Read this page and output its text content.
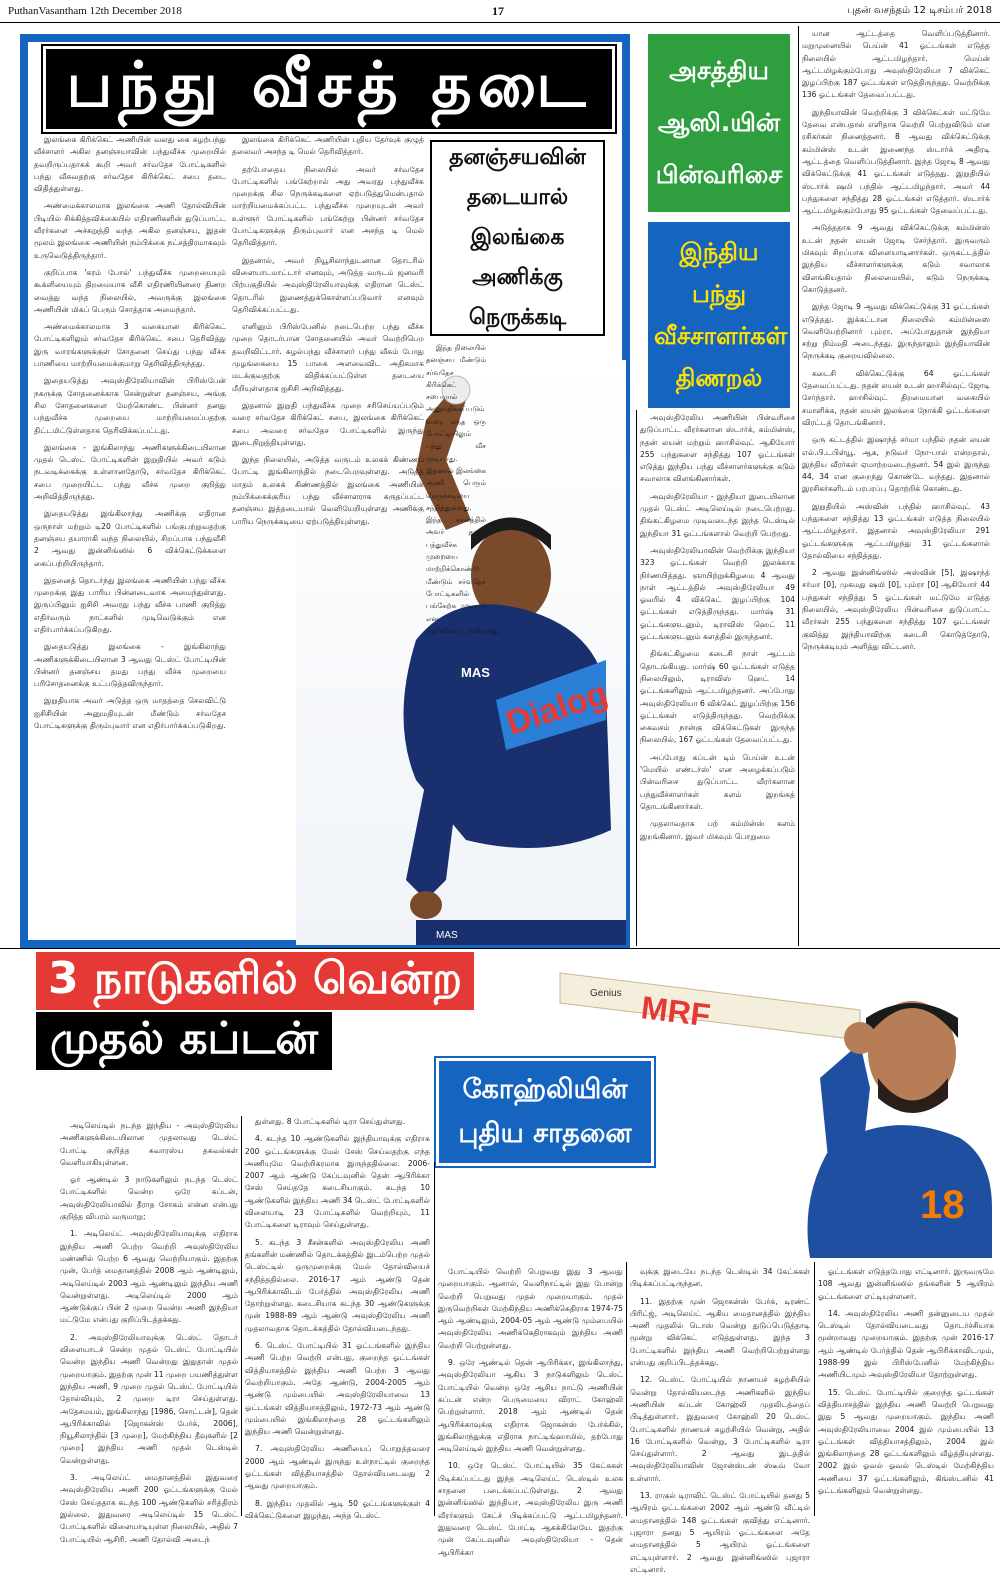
PuthanVasantham 12th December 2018	17	புதன் வசந்தம் 12 டிசம்பர் 2018
பந்து வீசத் தடை
Dialog
MAS
MAS
தனஞ்சயவின் தடையால் இலங்கை அணிக்கு நெருக்கடி

இலங்கை கிரிக்கெட் அணியின் வலது கை சுழற்பந்து வீச்சாளர் அகில தனஞ்சயாவின் பந்துவீச்சு முறையில் தவறிருப்பதாகக் கூறி அவர் சர்வதேச போட்டிகளில் பந்து வீசுவதற்கு சர்வதேச கிரிக்கெட் சபை தடை விதித்துள்ளது.

அண்மைக்காலமாக இலங்கை அணி தோல்வியின் பிடியில் சிக்கித்தவிக்கையில் எதிரணிகளின் துடுப்பாட்ட வீரர்களை அச்சுறுத்தி வந்த அகில தனஞ்சய, இதன் மூலம் இலங்கை அணியின் நம்பிக்கை நட்சத்திரமாகவும் உருவெடுத்திருந்தார்.

குறிப்பாக 'கரம் போல்' பந்துவீச்சு முறையையும் கூக்ளியையும் திறமையாக வீசி எதிரணியினரை திணற வைத்து வந்த நிலையில், அவருக்கு இலங்கை அணியின் மிகப் பெரும் சொத்தாக அமைந்தார்.

அண்மைக்காலமாக 3 வகையான கிரிக்கெட் போட்டிகளிலும் சர்வதேச கிரிக்கெட் சபை தெரிவித்து இரு வாரங்களுக்குள் சோதனை செய்து பந்து வீச்சு பாணியை மாற்றியமைக்குமாறு தெரிவித்திருந்தது.

இதையடுத்து அவுஸ்திரேலியாவின் பிரிஸ்பேன் நகருக்கு சோதனைக்காக சென்றுள்ள தனஞ்சய, அங்கு சில சோதனைகளை மேற்கொண்ட பின்னர் தனது பந்துவீச்சு முறையை மாற்றியமைப்பதற்கு திட்டமிட்டுள்ளதாக தெரிவிக்கப்பட்டது.

இலங்கை - இங்கிலாந்து அணிகளுக்கிடையிலான முதல் டெஸ்ட் போட்டிகளின் இறுதியில் அவர் கடும் நடவடிக்கைக்கு உள்ளானதோடு, சர்வதேச கிரிக்கெட் சபை முறையிட்ட பந்து வீச்சு முறை குறித்து அறிவித்திருந்தது.

இதையடுத்து இங்கிலாந்து அணிக்கு எதிரான ஒருநாள் மற்றும் டி20 போட்டிகளில் பங்குபற்றுவதற்கு தனஞ்சய தயாராகி வந்த நிலையில், சிறப்பாக பந்துவீசி 2 ஆவது இன்னிங்ஸில் 6 விக்கெட்டுக்களை கைப்பற்றியிருந்தார்.

இதனைத் தொடர்ந்து இலங்கை அணியின் பந்து வீச்சு முறைக்கு இது பாரிய பின்னடைவாக அமைந்துள்ளது. இருப்பினும் ஐசிசி அவரது பந்து வீச்சு பாணி குறித்து எதிர்வரும் நாட்களில் முடிவெடுக்கும் என எதிர்பார்க்கப்படுகிறது.

இதையடுத்து இலங்கை - இங்கிலாந்து அணிகளுக்கிடையிலான 3 ஆவது டெஸ்ட் போட்டியின் பின்னர் தனஞ்சய தமது பந்து வீச்சு முறையை பரிசோதனைக்கு உட்படுத்தவிருந்தார்.

இறுதியாக அவர் அடுத்த ஒரு மாதத்தை செலவிட்டு ஐசிசியின் அனுமதியுடன் மீண்டும் சர்வதேச போட்டிகளுக்கு திரும்புவார் என எதிர்பார்க்கப்படுகிறது.

இலங்கை கிரிக்கெட் அணியின் புதிய தேர்வுக் குழுத் தலைவர் அசந்த டி மெல் தெரிவித்தார்.

தற்போதைய நிலையில் அவர் சர்வதேச போட்டிகளில் பங்கேற்றால் அது அவரது பந்துவீச்சு முறைக்கு சில நெருக்கடிகளை ஏற்படுத்துமென்பதால் மாற்றியமைக்கப்பட்ட பந்துவீச்சு முறையுடன் அவர் உள்ளூர் போட்டிகளில் பங்கேற்று பின்னர் சர்வதேச போட்டிகளுக்கு திரும்புவார் என அசந்த டி மெல் தெரிவித்தார்.

இதனால், அவர் நியூசிலாந்துடனான தொடரில் விளையாடமாட்டார் எனவும், அடுத்த வருடம் ஜனவரி பிற்பகுதியில் அவுஸ்திரேலியாவுக்கு எதிரான டெஸ்ட் தொடரில் இணைத்துக்கொள்ளப்படுவார் எனவும் தெரிவிக்கப்பட்டது.

எனினும் பிரிஸ்பேனில் நடைபெற்ற பந்து வீச்சு முறை தொடர்பான சோதனையில் அவர் வெற்றிபெற தவறிவிட்டார். சுழல்பந்து வீச்சாளர் பந்து வீசும் போது முழங்கையை 15 பாகை அளவைவிட அதிகமாக மடக்குவதற்கு விதிக்கப்பட்டுள்ள தடையை மீறியுள்ளதாக ஐசிசி அறிவித்தது.

இதனால் இறுதி பந்துவீச்சு முறை சரிசெய்யப்படும் வரை சர்வதேச கிரிக்கெட் சபை, இலங்கை கிரிக்கெட் சபை அவரை சர்வதேச போட்டிகளில் இருந்து இடைநிறுத்தியுள்ளது.

இந்த நிலையில், அடுத்த வருடம் உலகக் கிண்ணப் போட்டி இங்கிலாந்தில் நடைபெறவுள்ளது. அடுத்த மாதம் உலகக் கிண்ணத்தில் இலங்கை அணியின் நம்பிக்கைக்குரிய பந்து வீச்சாளராக கருதப்பட்ட தனஞ்சய இத்தடையால் வெளியேறியுள்ளது அணிக்கு பாரிய நெருக்கடியை ஏற்படுத்தியுள்ளது.

இந்த நிலையில் தனஞ்சய மீண்டும் சர்வதேச கிரிக்கெட் சபையால் அனுமதிக்கப்படும் வரை எந்த ஒரு போட்டியிலும் பந்து வீச முடியாது. இதனால் இலங்கை அணி பெரும் நெருக்கடியை சந்தித்துள்ளது. இந்த காலத்தில் அவர் தனது பந்துவீச்சு முறையை மாற்றிக்கொண்டு மீண்டும் சர்வதேச போட்டிகளில் பங்கேற்க முடியும் என தெரிவிக்கப்படுகின்றது.

அசத்திய ஆஸி.யின் பின்வரிசை
இந்திய பந்து வீச்சாளர்கள் திணறல்

யான ஆட்டத்தை வெளிப்படுத்தினார். மறுமுனையில் பெய்ன் 41 ஓட்டங்கள் எடுத்த நிலையில் ஆட்டமிழந்தார். மெய்ன் ஆட்டமிழக்கும்போது அவுஸ்திரேலியா 7 விக்கெட் இழப்பிற்கு 187 ஓட்டங்கள் எடுத்திருந்தது. வெற்றிக்கு 136 ஓட்டங்கள் தேவைப்பட்டது.

இந்தியாவின் வெற்றிக்கு 3 விக்கெட்கள் மட்டுமே தேவை என்பதால் எளிதாக வெற்றி பெற்றுவிடும் என ரசிகர்கள் நினைத்தனர். 8 ஆவது விக்கெட்டுக்கு கம்மின்ஸ் உடன் இணைந்த ஸ்டார்க் அதிரடி ஆட்டத்தை வெளிப்படுத்தினார். இந்த ஜோடி 8 ஆவது விக்கெட்டுக்கு 41 ஓட்டங்கள் எடுத்தது. இறுதியில் ஸ்டார்க் ஷமி பந்தில் ஆட்டமிழந்தார். அவர் 44 பந்துகளை சந்தித்து 28 ஓட்டங்கள் எடுத்தார். ஸ்டார்க் ஆட்டமிழக்கும்போது 95 ஓட்டங்கள் தேவைப்பட்டது.

அடுத்ததாக 9 ஆவது விக்கெட்டுக்கு கம்மின்ஸ் உடன் நதன் லயன் ஜோடி சேர்ந்தார். இருவரும் மிகவும் சிறப்பாக விளையாடினார்கள். ஒருகட்டத்தில் இந்திய வீச்சாளர்களுக்கு கடும் சவாலாக விளங்கியதால் நிலைமையில், கடும் நெருக்கடி கொடுத்தனர்.

இந்த ஜோடி 9 ஆவது விக்கெட்டுக்கு 31 ஓட்டங்கள் எடுத்தது. இக்கட்டான நிலையில் கம்மின்ஸை வெளியேற்றினார் பும்ரா. அப்போதுதான் இந்தியா சற்று நிம்மதி அடைந்தது. இருந்தாலும் இந்தியாவின் நெருக்கடி குறையவில்லை.

கடைசி விக்கெட்டுக்கு 64 ஓட்டங்கள் தேவைப்பட்டது. நதன் லயன் உடன் ஹாசில்வுட் ஜோடி சேர்ந்தார். ஹாசில்வுட் திறமையான வகையில் சமாளிக்க, நதன் லயன் இலக்கை நோக்கி ஓட்டங்களை விரட்டத் தொடங்கினார்.

ஒரு கட்டத்தில் இஷாந்த் சர்மா பந்தில் நதன் லயன் எல்.பி.டபிள்யூ. ஆக, நடுவர் நோ-பால் என்றதால், இந்திய வீரர்கள் ஏமாற்றமடைந்தனர். 54 இல் இருந்து 44, 34 என குறைந்து கொண்டே வந்தது. இதனால் இரசிகர்களிடம் பரபரப்பு தொற்றிக் கொண்டது.

இறுதியில் அஸ்வின் பந்தில் ஹாசில்வுட் 43 பந்துகளை சந்தித்து 13 ஓட்டங்கள் எடுத்த நிலையில் ஆட்டமிழந்தார். இதனால் அவுஸ்திரேலியா 291 ஓட்டங்களுக்கு ஆட்டமிழந்து 31 ஓட்டங்களால் தோல்வியை சந்தித்தது.

2 ஆவது இன்னிங்ஸில் அஸ்வின் [5], இஷாந்த் சர்மா [0], முகமது ஷமி [0], பும்ரா [0] ஆகியோர் 44 பந்துகள் சந்தித்து 5 ஓட்டங்கள் மட்டுமே எடுத்த நிலையில், அவுஸ்திரேலிய பின்வரிசை துடுப்பாட்ட வீரர்கள் 255 பந்துகளை சந்தித்து 107 ஓட்டங்கள் குவித்து இந்தியாவிற்கு கடைசி கொடுத்தோடு, நெருக்கடியும் அளித்து விட்டனர்.

அவுஸ்திரேலிய அணியின் பின்வரிசை துடுப்பாட்ட வீரர்களான ஸ்டார்க், கம்மின்ஸ், நதன் லயன் மற்றும் ஹாசில்வுட் ஆகியோர் 255 பந்துகளை சந்தித்து 107 ஓட்டங்கள் எடுத்து இந்திய பந்து வீச்சாளர்களுக்கு கடும் சவாலாக விளங்கினார்கள்.

அவுஸ்திரேலியா - இந்தியா இடையிலான முதல் டெஸ்ட் அடிலெய்டில் நடைபெற்றது. திங்கட்கிழமை முடிவடைந்த இந்த டெஸ்டில் இந்தியா 31 ஓட்டங்களால் வெற்றி பெற்றது.

அவுஸ்திரேலியாவின் வெற்றிக்கு இந்தியா 323 ஓட்டங்கள் வெற்றி இலக்காக நிர்ணயித்தது. ஞாயிற்றுக்கிழமை 4 ஆவது நாள் ஆட்டத்தில் அவுஸ்திரேலியா 49 ஓவரில் 4 விக்கெட் இழப்பிற்கு 104 ஓட்டங்கள் எடுத்திருந்தது. மார்ஷ் 31 ஓட்டங்களுடனும், டிராவிஸ் ஹெட் 11 ஓட்டங்களுடனும் களத்தில் இருந்தனர்.

திங்கட்கிழமை கடைசி நாள் ஆட்டம் தொடங்கியது. மார்ஷ் 60 ஓட்டங்கள் எடுத்த நிலையிலும், டிராவிஸ் ஹெட் 14 ஓட்டங்களிலும் ஆட்டமிழந்தனர். அப்போது அவுஸ்திரேலியா 6 விக்கெட் இழப்பிற்கு 156 ஓட்டங்கள் எடுத்திருந்தது. வெற்றிக்கு கைவசம் நான்கு விக்கெட்டுகள் இருந்த நிலையில், 167 ஓட்டங்கள் தேவைப்பட்டது.

அப்போது கப்டன் டிம் பெய்ன் உடன் 'மெயில் எண்டர்ஸ்' என அழைக்கப்படும் பின்வரிசை துடுப்பாட்ட வீரர்களான பந்துவீச்சாளர்கள் களம் இறங்கத் தொடங்கினார்கள்.

முதலாவதாக பற் கம்மின்ஸ் களம் இறங்கினார். இவர் மிகவும் பொறுமை

3 நாடுகளில் வென்ற
முதல் கப்டன்
Genius MRF
18
கோஹ்லியின் புதிய சாதனை

அடிலெய்டில் நடந்த இந்திய - அவுஸ்திரேலிய அணிகளுக்கிடையிலான முதலாவது டெஸ்ட் போட்டி குறித்த சுவாரஸ்ய தகவல்கள் வெளியாகியுள்ளன.

ஓர் ஆண்டில் 3 நாடுகளிலும் நடந்த டெஸ்ட் போட்டிகளில் வென்ற ஒரே கப்டன், அவுஸ்திரேலியாவில் தீராத சோகம் என்ன என்பது குறித்த விபரம் வருமாறு;

1. அடிலெய்ட் அவுஸ்திரேலியாவுக்கு எதிராக இந்திய அணி பெற்ற வெற்றி அவுஸ்திரேலிய மண்ணில் பெற்ற 6 ஆவது வெற்றியாகும். இதற்கு முன், பேர்த் மைதானத்தில் 2008 ஆம் ஆண்டிலும், அடிலெய்டில் 2003 ஆம் ஆண்டிலும் இந்திய அணி வென்றுள்ளது. அடிலெய்டில் 2000 ஆம் ஆண்டுக்குப் பின் 2 முறை வென்ற அணி இந்தியா மட்டுமே என்பது குறிப்பிடத்தக்கது.

2. அவுஸ்திரேலியாவுக்கு டெஸ்ட் தொடர் விளையாடச் சென்ற முதல் டெஸ்ட் போட்டியில் வென்ற இந்திய அணி வென்றது இதுதான் முதல் முறையாகும். இதற்கு முன் 11 முறை பயணித்துள்ள இந்திய அணி, 9 முறை முதல் டெஸ்ட் போட்டியில் தோல்வியும், 2 முறை டிரா செய்துள்ளது. அதேசமயம், இங்கிலாந்து [1986, சொட்டன்], தென் ஆபிரிக்காவில் [ஜொகன்ஸ் பேர்க், 2006], நியூசிலாந்தில் [3 முறை], மேற்கிந்திய தீவுகளில் [2 முறை] இந்திய அணி முதல் டெஸ்டில் வென்றுள்ளது.

3. அடிலெய்ட் மைதானத்தில் இதுவரை அவுஸ்திரேலிய அணி 200 ஓட்டங்களுக்கு மேல் சேஸ் செய்ததாக கடந்த 100 ஆண்டுகளில் சரித்திரம் இல்லை. இதுவரை அடிலெய்டில் 15 டெஸ்ட் போட்டிகளில் விளையாடியுள்ள நிலையில், அதில் 7 போட்டியில் ஆசிரி. அணி தோல்வி அடைந்

துள்ளது. 8 போட்டிகளில் டிரா செய்துள்ளது.

4. கடந்த 10 ஆண்டுகளில் இந்தியாவுக்கு எதிராக 200 ஓட்டங்களுக்கு மேல் சேஸ் செய்வதற்கு எந்த அணியுமே வெற்றிகரமாக இருந்ததில்லை. 2006-2007 ஆம் ஆண்டு கேப்டவுனில் தென் ஆபிரிக்கா சேஸ் செய்ததே கடைசியாகும். கடந்த 10 ஆண்டுகளில் இந்திய அணி 34 டெஸ்ட் போட்டிகளில் விளையாடி 23 போட்டிகளில் வெற்றியும், 11 போட்டிகளை டிராவும் செய்துள்ளது.

5. கடந்த 3 சீசன்களில் அவுஸ்திரேலிய அணி தங்களின் மண்ணில் தொடக்கத்தில் இடம்பெற்ற முதல் டெஸ்ட்டில் ஒருமுறைக்கு மேல் தோல்வியைச் சந்தித்ததில்லை. 2016-17 ஆம் ஆண்டு தென் ஆபிரிக்காவிடம் பேர்த்தில் அவுஸ்திரேலிய அணி தோற்றுள்ளது. கடைசியாக கடந்த 30 ஆண்டுகளுக்கு முன் 1988-89 ஆம் ஆண்டு அவுஸ்திரேலிய அணி முதலாவதாக தொடக்கத்தில் தோல்வியடைந்தது.

6. டெஸ்ட் போட்டியில் 31 ஓட்டங்களில் இந்திய அணி பெற்ற வெற்றி என்பது, குறைந்த ஓட்டங்கள் வித்தியாசத்தில் இந்திய அணி பெற்ற 3 ஆவது வெற்றியாகும். அதே ஆண்டு, 2004-2005 ஆம் ஆண்டு மும்பையில் அவுஸ்திரேலியாவை 13 ஓட்டங்கள் வித்தியாசத்திலும், 1972-73 ஆம் ஆண்டு மும்பையில் இங்கிலாந்தை 28 ஓட்டங்களிலும் இந்திய அணி வென்றுள்ளது.

7. அவுஸ்திரேலிய அணியைப் பொறுத்தவரை 2000 ஆம் ஆண்டில் இருந்து உள்நாட்டில் குறைந்த ஓட்டங்கள் வித்தியாசத்தில் தோல்வியடைவது 2 ஆவது முறையாகும்.

8. இந்திய முதலில் ஆடி 50 ஓட்டங்களுக்குள் 4 விக்கெட்டுகளை இழந்து, அந்த டெஸ்ட்

போட்டியில் வெற்றி பெறுவது இது 3 ஆவது முறையாகும். ஆனால், வெளிநாட்டில் இது போன்று வெற்றி பெறுவது முதல் முறையாகும். முதல் இருவெற்றிகள் மேற்கிந்திய அணிக்கெதிராக 1974-75 ஆம் ஆண்டிலும், 2004-05 ஆம் ஆண்டு மும்பையில் அவுஸ்திரேலிய அணிக்கெதிராகவும் இந்திய அணி வெற்றி பெற்றுள்ளது.

9. ஒரே ஆண்டில் தென் ஆபிரிக்கா, இங்கிலாந்து, அவுஸ்திரேலியா ஆகிய 3 நாடுகளிலும் டெஸ்ட் போட்டியில் வென்ற ஒரே ஆசிய நாட்டு அணியின் கப்டன் என்ற பெருமையை விராட் கோஹ்லி பெற்றுள்ளார். 2018 ஆம் ஆண்டில் தென் ஆபிரிக்காவுக்கு எதிராக ஜொகன்ஸ் பேர்க்கில், இங்கிலாந்துக்கு எதிராக நாட்டிங்ஹாமில், தற்போது அடிலெய்டில் இந்திய அணி வென்றுள்ளது.

10. ஒரே டெஸ்ட் போட்டியில் 35 கேட்சுகள் பிடிக்கப்பட்டது இந்த அடிலெய்ட் டெஸ்டில் உலக சாதனை படைக்கப்பட்டுள்ளது. 2 ஆவது இன்னிங்ஸில் இந்தியா, அவுஸ்திரேலிய இரு அணி வீரர்களும் கேட்ச் பிடிக்கப்பட்டு ஆட்டமிழந்தனர். இதுவரை டெஸ்ட் போட்டி ஆகக்கிலேயே. இதற்கு முன் கேப்டவுனில் அவுஸ்திரேலியா - தென் ஆபிரிக்கா

வுக்கு இடையே நடந்த டெஸ்டில் 34 கேட்சுகள் பிடிக்கப்பட்டிருந்தன.

11. இதற்கு முன் ஜொகன்ஸ் பேர்க், டிரண்ட் பிரிட்ஜ், அடிலெய்ட் ஆகிய மைதானத்தில் இந்திய அணி முதலில் டொஸ் வென்று துடுப்பெடுத்தாடி மூன்று விக்கெட் எடுத்துள்ளது. இந்த 3 போட்டிகளில் இந்திய அணி வெற்றிபெற்றுள்ளது என்பது குறிப்பிடத்தக்கது.

12. டெஸ்ட் போட்டியில் நாணயச் சுழற்சியில் வென்று தோல்வியடைந்த அணிகளில் இந்திய அணியின் கப்டன் கோஹ்லி முதலிடத்தைப் பிடித்துள்ளார். இதுவரை கோஹ்லி 20 டெஸ்ட் போட்டிகளில் நாணயச் சுழற்சியில் வென்று, அதில் 16 போட்டிகளில் வென்று, 3 போட்டிகளில் டிரா செய்துள்ளார். 2 ஆவது இடத்தில் அவுஸ்திரேலியாவின் ஜோன்ஸ்டன் ஸ்டீவ் வோ உள்ளார்.

13. ராகுல் டிராவிட் டெஸ்ட் போட்டியில் தனது 5 ஆயிரம் ஓட்டங்களை 2002 ஆம் ஆண்டு வீட்டில் மைதானத்தில் 148 ஓட்டங்கள் குவித்து எட்டினார். புஜாரா தனது 5 ஆயிரம் ஓட்டங்களை அதே மைதானத்தில் 5 ஆயிரம் ஓட்டங்களை எட்டியுள்ளார். 2 ஆவது இன்னிங்ஸில் புஜாரா எட்டினார்.

ஓட்டங்கள் எடுத்தபோது எட்டினார். இருவருமே 108 ஆவது இன்னிங்ஸில் தங்களின் 5 ஆயிரம் ஓட்டங்களை எட்டியுள்ளனர்.

14. அவுஸ்திரேலிய அணி தன்னுடைய முதல் டெஸ்டில் தோல்வியடைவது தொடர்ச்சியாக மூன்றாவது முறையாகும். இதற்கு முன் 2016-17 ஆம் ஆண்டில் பேர்த்தில் தென் ஆபிரிக்காவிடமும், 1988-99 இல் பிரிஸ்பேனில் மேற்கிந்திய அணியிடமும் அவுஸ்திரேலியா தோற்றுள்ளது.

15. டெஸ்ட் போட்டியில் குறைந்த ஓட்டங்கள் வித்தியாசத்தில் இந்திய அணி வெற்றி பெறுவது இது 5 ஆவது முறையாகும். இந்திய அணி அவுஸ்திரேலியாவை 2004 இல் மும்பையில் 13 ஓட்டங்கள் வித்தியாசத்திலும், 2004 இல் இங்கிலாந்தை 28 ஓட்டங்களிலும் வீழ்த்தியுள்ளது. 2002 இல் ஓவல் ஓவல் டெஸ்டில் மேற்கிந்திய அணியை 37 ஓட்டங்களிலும், கிங்ஸ்டனில் 41 ஓட்டங்களிலும் வென்றுள்ளது.
